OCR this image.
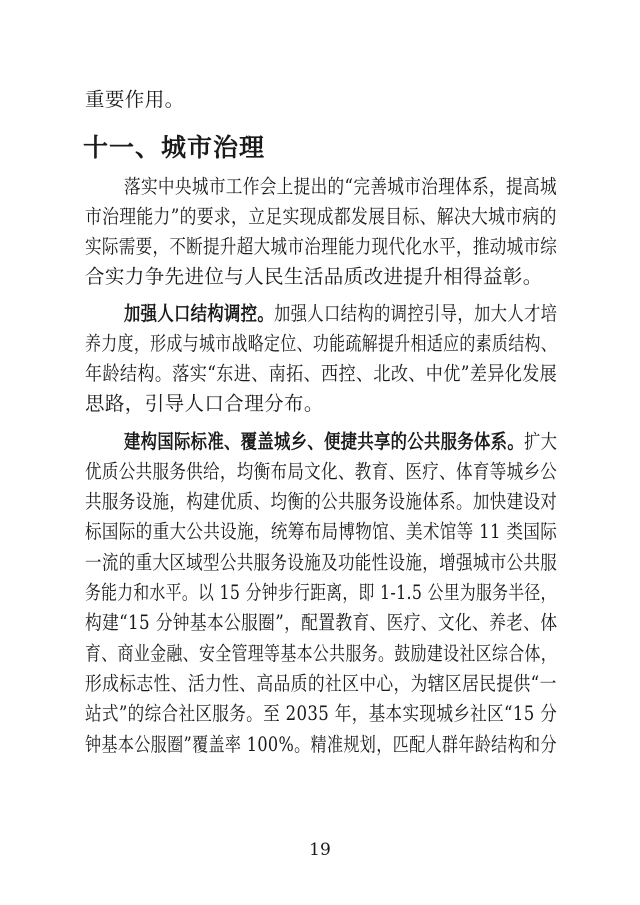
重要作用。
十一、城市治理
落实中央城市工作会上提出的“完善城市治理体系，提高城
市治理能力”的要求，立足实现成都发展目标、解决大城市病的
实际需要，不断提升超大城市治理能力现代化水平，推动城市综
合实力争先进位与人民生活品质改进提升相得益彰。
加强人口结构调控。加强人口结构的调控引导，加大人才培
养力度，形成与城市战略定位、功能疏解提升相适应的素质结构、
年龄结构。落实“东进、南拓、西控、北改、中优”差异化发展
思路，引导人口合理分布。
建构国际标准、覆盖城乡、便捷共享的公共服务体系。扩大
优质公共服务供给，均衡布局文化、教育、医疗、体育等城乡公
共服务设施，构建优质、均衡的公共服务设施体系。加快建设对
标国际的重大公共设施，统筹布局博物馆、美术馆等 11 类国际
一流的重大区域型公共服务设施及功能性设施，增强城市公共服
务能力和水平。以 15 分钟步行距离，即 1-1.5 公里为服务半径，
构建“15 分钟基本公服圈”，配置教育、医疗、文化、养老、体
育、商业金融、安全管理等基本公共服务。鼓励建设社区综合体，
形成标志性、活力性、高品质的社区中心，为辖区居民提供“一
站式”的综合社区服务。至 2035 年，基本实现城乡社区“15 分
钟基本公服圈”覆盖率 100%。精准规划，匹配人群年龄结构和分
19
